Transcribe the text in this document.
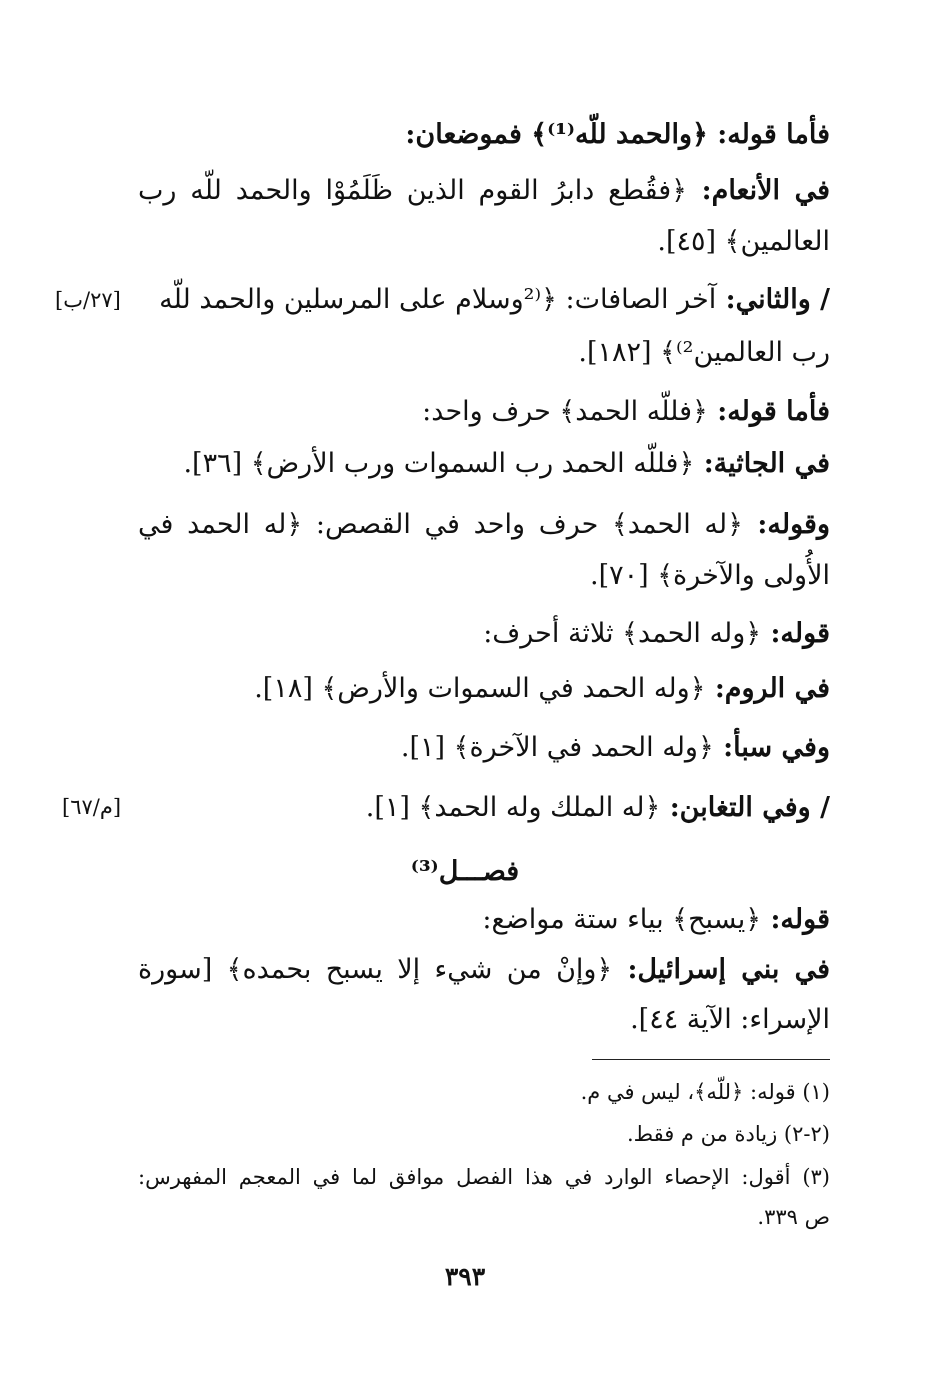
فأما قوله: ﴿والحمد للّه⁽¹⁾﴾ فموضعان:
في الأنعام: ﴿فقُطع دابرُ القوم الذين ظَلَمُوْا والحمد للّه رب
العالمين﴾ [٤٥].
/ والثاني: آخر الصافات: ﴿⁽²وسلام على المرسلين والحمد للّه
[٢٧/ب]
رب العالمين²⁾﴾ [١٨٢].
فأما قوله: ﴿فللّه الحمد﴾ حرف واحد:
في الجاثية: ﴿فللّه الحمد رب السموات ورب الأرض﴾ [٣٦].
وقوله: ﴿له الحمد﴾ حرف واحد في القصص: ﴿له الحمد في
الأُولى والآخرة﴾ [٧٠].
قوله: ﴿وله الحمد﴾ ثلاثة أحرف:
في الروم: ﴿وله الحمد في السموات والأرض﴾ [١٨].
وفي سبأ: ﴿وله الحمد في الآخرة﴾ [١].
/ وفي التغابن: ﴿له الملك وله الحمد﴾ [١].
[م/٦٧]
فصـــل⁽³⁾
قوله: ﴿يسبح﴾ بياء ستة مواضع:
في بني إسرائيل: ﴿وإنْ من شيء إلا يسبح بحمده﴾ [سورة
الإسراء: الآية ٤٤].
(١) قوله: ﴿للّه﴾، ليس في م.
(٢-٢) زيادة من م فقط.
(٣) أقول: الإحصاء الوارد في هذا الفصل موافق لما في المعجم المفهرس:
ص ٣٣٩.
٣٩٣
